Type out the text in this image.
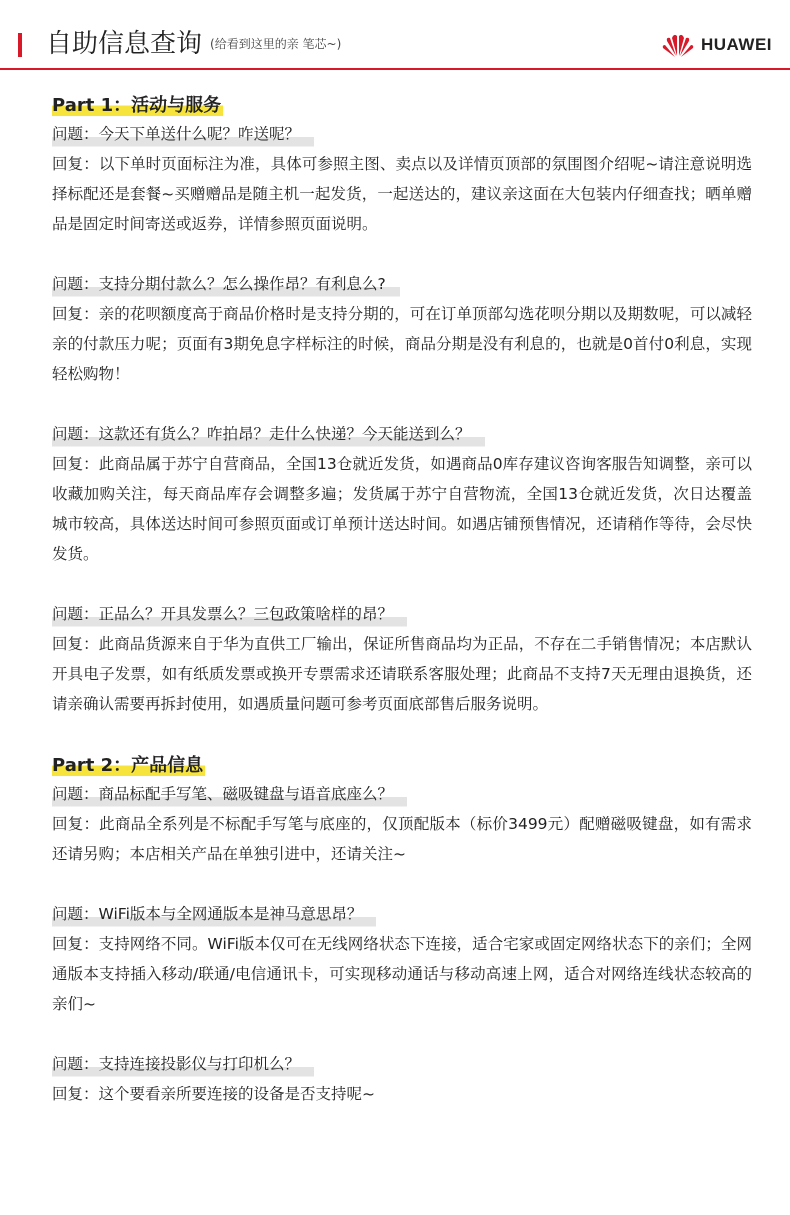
自助信息查询 (给看到这里的亲 笔芯~)	HUAWEI
Part 1：活动与服务
问题：今天下单送什么呢？咋送呢？
回复：以下单时页面标注为准，具体可参照主图、卖点以及详情页顶部的氛围图介绍呢~请注意说明选择标配还是套餐~买赠赠品是随主机一起发货，一起送达的，建议亲这面在大包装内仔细查找；晒单赠品是固定时间寄送或返券，详情参照页面说明。
问题：支持分期付款么？怎么操作昂？有利息么?
回复：亲的花呗额度高于商品价格时是支持分期的，可在订单顶部勾选花呗分期以及期数呢，可以减轻亲的付款压力呢；页面有3期免息字样标注的时候，商品分期是没有利息的，也就是0首付0利息，实现轻松购物！
问题：这款还有货么？咋拍昂？走什么快递？今天能送到么？
回复：此商品属于苏宁自营商品，全国13仓就近发货，如遇商品0库存建议咨询客服告知调整，亲可以收藏加购关注，每天商品库存会调整多遍；发货属于苏宁自营物流，全国13仓就近发货，次日达覆盖城市较高，具体送达时间可参照页面或订单预计送达时间。如遇店铺预售情况，还请稍作等待，会尽快发货。
问题：正品么？开具发票么？三包政策啥样的昂？
回复：此商品货源来自于华为直供工厂输出，保证所售商品均为正品，不存在二手销售情况；本店默认开具电子发票，如有纸质发票或换开专票需求还请联系客服处理；此商品不支持7天无理由退换货，还请亲确认需要再拆封使用，如遇质量问题可参考页面底部售后服务说明。
Part 2：产品信息
问题：商品标配手写笔、磁吸键盘与语音底座么？
回复：此商品全系列是不标配手写笔与底座的，仅顶配版本（标价3499元）配赠磁吸键盘，如有需求还请另购；本店相关产品在单独引进中，还请关注~
问题：WiFi版本与全网通版本是神马意思昂？
回复：支持网络不同。WiFi版本仅可在无线网络状态下连接，适合宅家或固定网络状态下的亲们；全网通版本支持插入移动/联通/电信通讯卡，可实现移动通话与移动高速上网，适合对网络连线状态较高的亲们~
问题：支持连接投影仪与打印机么？
回复：这个要看亲所要连接的设备是否支持呢~
